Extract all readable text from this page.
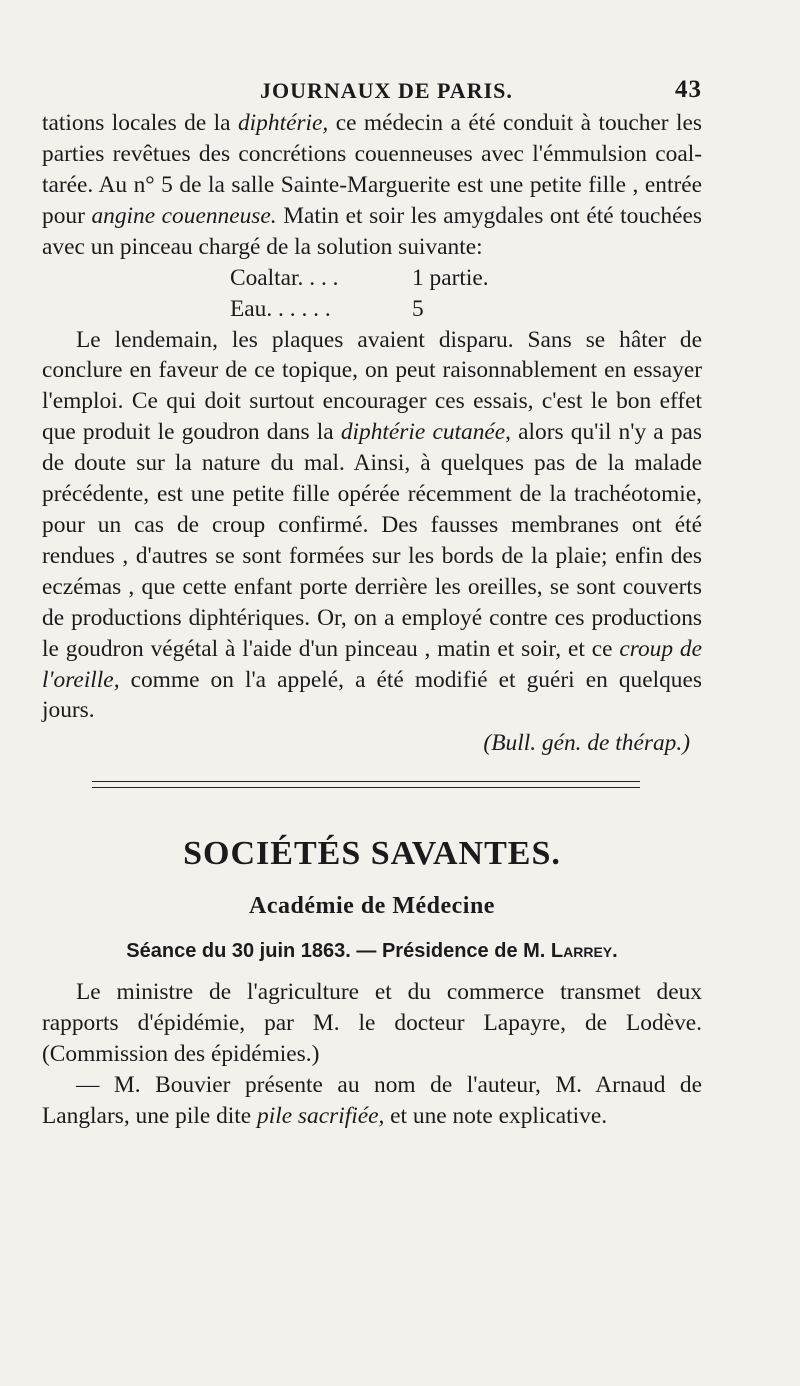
JOURNAUX DE PARIS.	43

tations locales de la diphtérie, ce médecin a été conduit à toucher les parties revêtues des concrétions couenneuses avec l'émmulsion coal-tarée. Au n° 5 de la salle Sainte-Marguerite est une petite fille , entrée pour angine couenneuse. Matin et soir les amygdales ont été touchées avec un pinceau chargé de la solution suivante:

Coaltar. . . .	1 partie.
Eau. . . . . .	5

Le lendemain, les plaques avaient disparu. Sans se hâter de conclure en faveur de ce topique, on peut raisonnablement en essayer l'emploi. Ce qui doit surtout encourager ces essais, c'est le bon effet que produit le goudron dans la diphtérie cutanée, alors qu'il n'y a pas de doute sur la nature du mal. Ainsi, à quelques pas de la malade précédente, est une petite fille opérée récemment de la trachéotomie, pour un cas de croup confirmé. Des fausses membranes ont été rendues , d'autres se sont formées sur les bords de la plaie; enfin des eczémas , que cette enfant porte derrière les oreilles, se sont couverts de productions diphtériques. Or, on a employé contre ces productions le goudron végétal à l'aide d'un pinceau , matin et soir, et ce croup de l'oreille, comme on l'a appelé, a été modifié et guéri en quelques jours.

(Bull. gén. de thérap.)

SOCIÉTÉS SAVANTES.
Académie de Médecine
Séance du 30 juin 1863. — Présidence de M. Larrey.

Le ministre de l'agriculture et du commerce transmet deux rapports d'épidémie, par M. le docteur Lapayre, de Lodève. (Commission des épidémies.)

— M. Bouvier présente au nom de l'auteur, M. Arnaud de Langlars, une pile dite pile sacrifiée, et une note explicative.
